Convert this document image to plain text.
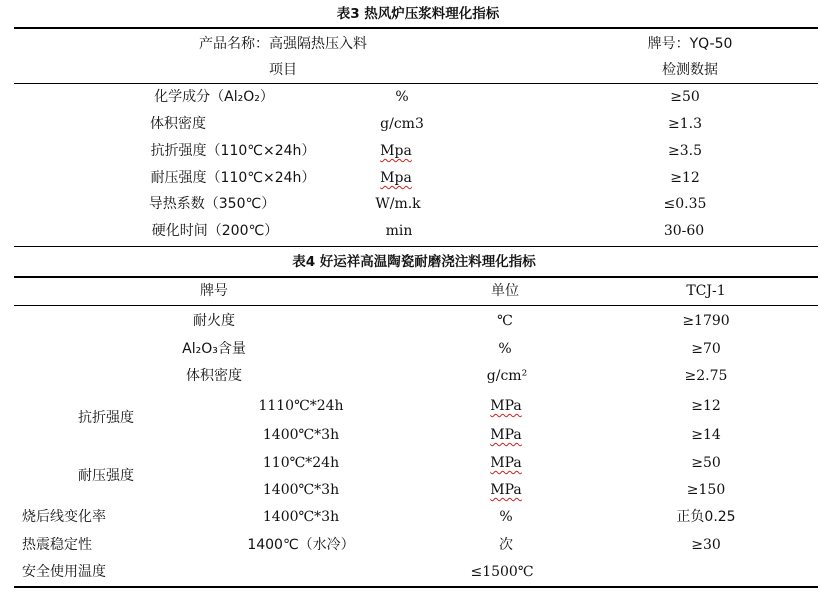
表3 热风炉压浆料理化指标
产品名称：高强隔热压入料	牌号：YQ-50
项目	检测数据
化学成分（Al₂O₂）	%	≥50
体积密度	g/cm3	≥1.3
抗折强度（110℃×24h）	Mpa	≥3.5
耐压强度（110℃×24h）	Mpa	≥12
导热系数（350℃）	W/m.k	≤0.35
硬化时间（200℃）	min	30-60
表4 好运祥高温陶瓷耐磨浇注料理化指标
牌号	单位	TCJ-1
耐火度	℃	≥1790
Al₂O₃含量	%	≥70
体积密度	g/cm²	≥2.75
抗折强度
1110℃*24h	MPa	≥12
1400℃*3h	MPa	≥14
耐压强度
110℃*24h	MPa	≥50
1400℃*3h	MPa	≥150
烧后线变化率	1400℃*3h	%	正负0.25
热震稳定性	1400℃（水冷）	次	≥30
安全使用温度	≤1500℃
